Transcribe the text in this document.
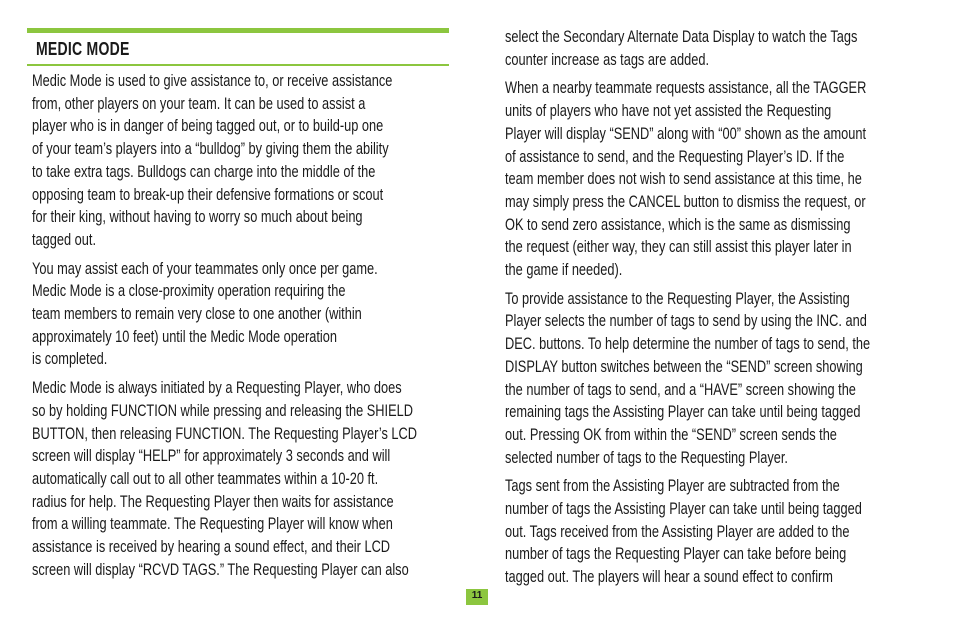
MEDIC MODE

Medic Mode is used to give assistance to, or receive assistance
from, other players on your team. It can be used to assist a
player who is in danger of being tagged out, or to build-up one
of your team’s players into a “bulldog” by giving them the ability
to take extra tags. Bulldogs can charge into the middle of the
opposing team to break-up their defensive formations or scout
for their king, without having to worry so much about being
tagged out.

You may assist each of your teammates only once per game.
Medic Mode is a close-proximity operation requiring the
team members to remain very close to one another (within
approximately 10 feet) until the Medic Mode operation
is completed.

Medic Mode is always initiated by a Requesting Player, who does
so by holding FUNCTION while pressing and releasing the SHIELD
BUTTON, then releasing FUNCTION. The Requesting Player’s LCD
screen will display “HELP” for approximately 3 seconds and will
automatically call out to all other teammates within a 10-20 ft.
radius for help. The Requesting Player then waits for assistance
from a willing teammate. The Requesting Player will know when
assistance is received by hearing a sound effect, and their LCD
screen will display “RCVD TAGS.” The Requesting Player can also

select the Secondary Alternate Data Display to watch the Tags
counter increase as tags are added.

When a nearby teammate requests assistance, all the TAGGER
units of players who have not yet assisted the Requesting
Player will display “SEND” along with “00” shown as the amount
of assistance to send, and the Requesting Player’s ID. If the
team member does not wish to send assistance at this time, he
may simply press the CANCEL button to dismiss the request, or
OK to send zero assistance, which is the same as dismissing
the request (either way, they can still assist this player later in
the game if needed).

To provide assistance to the Requesting Player, the Assisting
Player selects the number of tags to send by using the INC. and
DEC. buttons. To help determine the number of tags to send, the
DISPLAY button switches between the “SEND” screen showing
the number of tags to send, and a “HAVE” screen showing the
remaining tags the Assisting Player can take until being tagged
out. Pressing OK from within the “SEND” screen sends the
selected number of tags to the Requesting Player.

Tags sent from the Assisting Player are subtracted from the
number of tags the Assisting Player can take until being tagged
out. Tags received from the Assisting Player are added to the
number of tags the Requesting Player can take before being
tagged out. The players will hear a sound effect to confirm

11
